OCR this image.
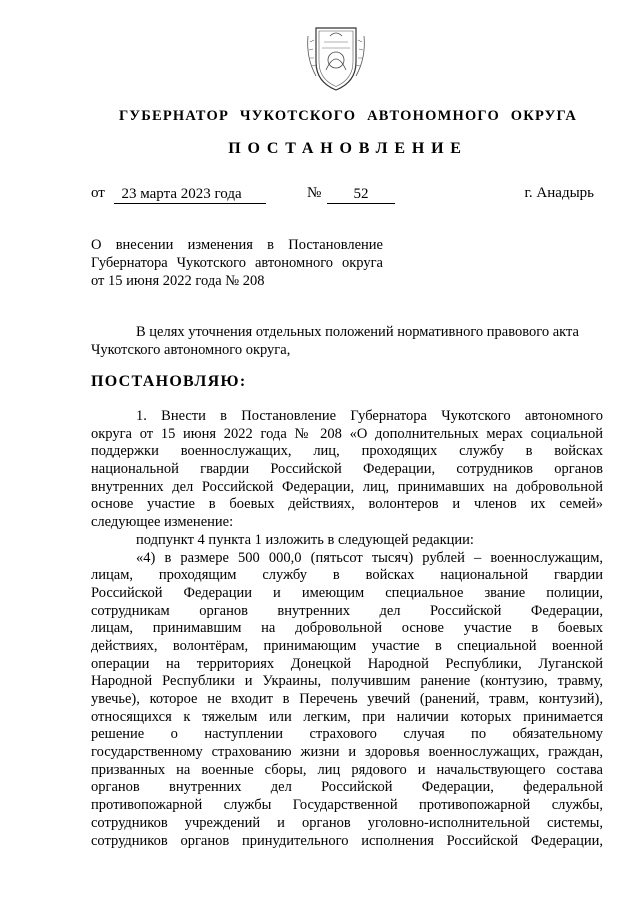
ГУБЕРНАТОР ЧУКОТСКОГО АВТОНОМНОГО ОКРУГА
ПОСТАНОВЛЕНИЕ
от	23 марта 2023 года	№	52	г. Анадырь
О внесении изменения в Постановление
Губернатора Чукотского автономного округа
от 15 июня 2022 года № 208
В целях уточнения отдельных положений нормативного правового акта
Чукотского автономного округа,
ПОСТАНОВЛЯЮ:
1. Внести в Постановление Губернатора Чукотского автономного
округа от 15 июня 2022 года № 208 «О дополнительных мерах социальной
поддержки военнослужащих, лиц, проходящих службу в войсках
национальной гвардии Российской Федерации, сотрудников органов
внутренних дел Российской Федерации, лиц, принимавших на добровольной
основе участие в боевых действиях, волонтеров и членов их семей»
следующее изменение:
подпункт 4 пункта 1 изложить в следующей редакции:
«4) в размере 500 000,0 (пятьсот тысяч) рублей – военнослужащим,
лицам, проходящим службу в войсках национальной гвардии
Российской Федерации и имеющим специальное звание полиции,
сотрудникам органов внутренних дел Российской Федерации,
лицам, принимавшим на добровольной основе участие в боевых
действиях, волонтёрам, принимающим участие в специальной военной
операции на территориях Донецкой Народной Республики, Луганской
Народной Республики и Украины, получившим ранение (контузию, травму,
увечье), которое не входит в Перечень увечий (ранений, травм, контузий),
относящихся к тяжелым или легким, при наличии которых принимается
решение о наступлении страхового случая по обязательному
государственному страхованию жизни и здоровья военнослужащих, граждан,
призванных на военные сборы, лиц рядового и начальствующего состава
органов внутренних дел Российской Федерации, федеральной
противопожарной службы Государственной противопожарной службы,
сотрудников учреждений и органов уголовно-исполнительной системы,
сотрудников органов принудительного исполнения Российской Федерации,
